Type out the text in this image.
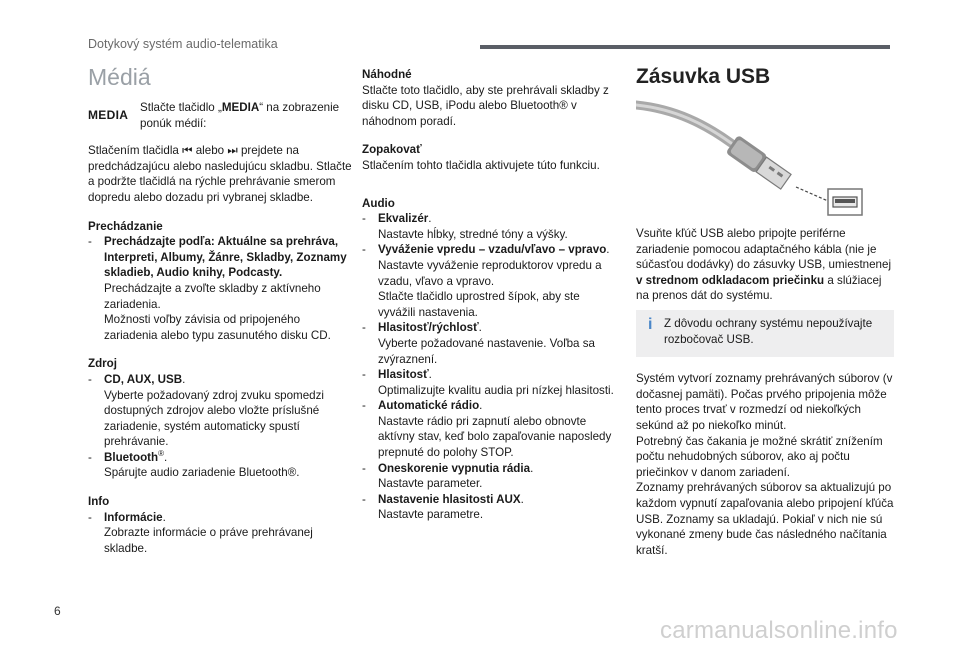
Dotykový systém audio-telematika
Médiá
MEDIA

Stlačte tlačidlo „MEDIA“ na zobrazenie ponúk médií:

Stlačením tlačidla ⏮ alebo ⏭ prejdete na predchádzajúcu alebo nasledujúcu skladbu. Stlačte a podržte tlačidlá na rýchle prehrávanie smerom dopredu alebo dozadu pri vybranej skladbe.

Prechádzanie

-	Prechádzajte podľa: Aktuálne sa prehráva, Interpreti, Albumy, Žánre, Skladby, Zoznamy skladieb, Audio knihy, Podcasty.

Prechádzajte a zvoľte skladby z aktívneho zariadenia.
Možnosti voľby závisia od pripojeného zariadenia alebo typu zasunutého disku CD.

Zdroj

-	CD, AUX, USB.

Vyberte požadovaný zdroj zvuku spomedzi dostupných zdrojov alebo vložte príslušné zariadenie, systém automaticky spustí prehrávanie.

-	Bluetooth®.

Spárujte audio zariadenie Bluetooth®.

Info

-	Informácie.

Zobrazte informácie o práve prehrávanej skladbe.

Náhodné

Stlačte toto tlačidlo, aby ste prehrávali skladby z disku CD, USB, iPodu alebo Bluetooth® v náhodnom poradí.

Zopakovať

Stlačením tohto tlačidla aktivujete túto funkciu.

Audio

-	Ekvalizér.

Nastavte hĺbky, stredné tóny a výšky.

-	Vyváženie vpredu – vzadu/vľavo – vpravo.

Nastavte vyváženie reproduktorov vpredu a vzadu, vľavo a vpravo.
Stlačte tlačidlo uprostred šípok, aby ste vyvážili nastavenia.

-	Hlasitosť/rýchlosť.

Vyberte požadované nastavenie. Voľba sa zvýraznení.

-	Hlasitosť.

Optimalizujte kvalitu audia pri nízkej hlasitosti.

-	Automatické rádio.

Nastavte rádio pri zapnutí alebo obnovte aktívny stav, keď bolo zapaľovanie naposledy prepnuté do polohy STOP.

-	Oneskorenie vypnutia rádia.

Nastavte parameter.

-	Nastavenie hlasitosti AUX.

Nastavte parametre.

Zásuvka USB

Vsuňte kľúč USB alebo pripojte periférne zariadenie pomocou adaptačného kábla (nie je súčasťou dodávky) do zásuvky USB, umiestnenej v strednom odkladacom priečinku a slúžiacej na prenos dát do systému.

i Z dôvodu ochrany systému nepoužívajte rozbočovač USB.

Systém vytvorí zoznamy prehrávaných súborov (v dočasnej pamäti). Počas prvého pripojenia môže tento proces trvať v rozmedzí od niekoľkých sekúnd až po niekoľko minút.
Potrebný čas čakania je možné skrátiť znížením počtu nehudobných súborov, ako aj počtu priečinkov v danom zariadení.
Zoznamy prehrávaných súborov sa aktualizujú po každom vypnutí zapaľovania alebo pripojení kľúča USB. Zoznamy sa ukladajú. Pokiaľ v nich nie sú vykonané zmeny bude čas následného načítania kratší.

6
carmanualsonline.info
